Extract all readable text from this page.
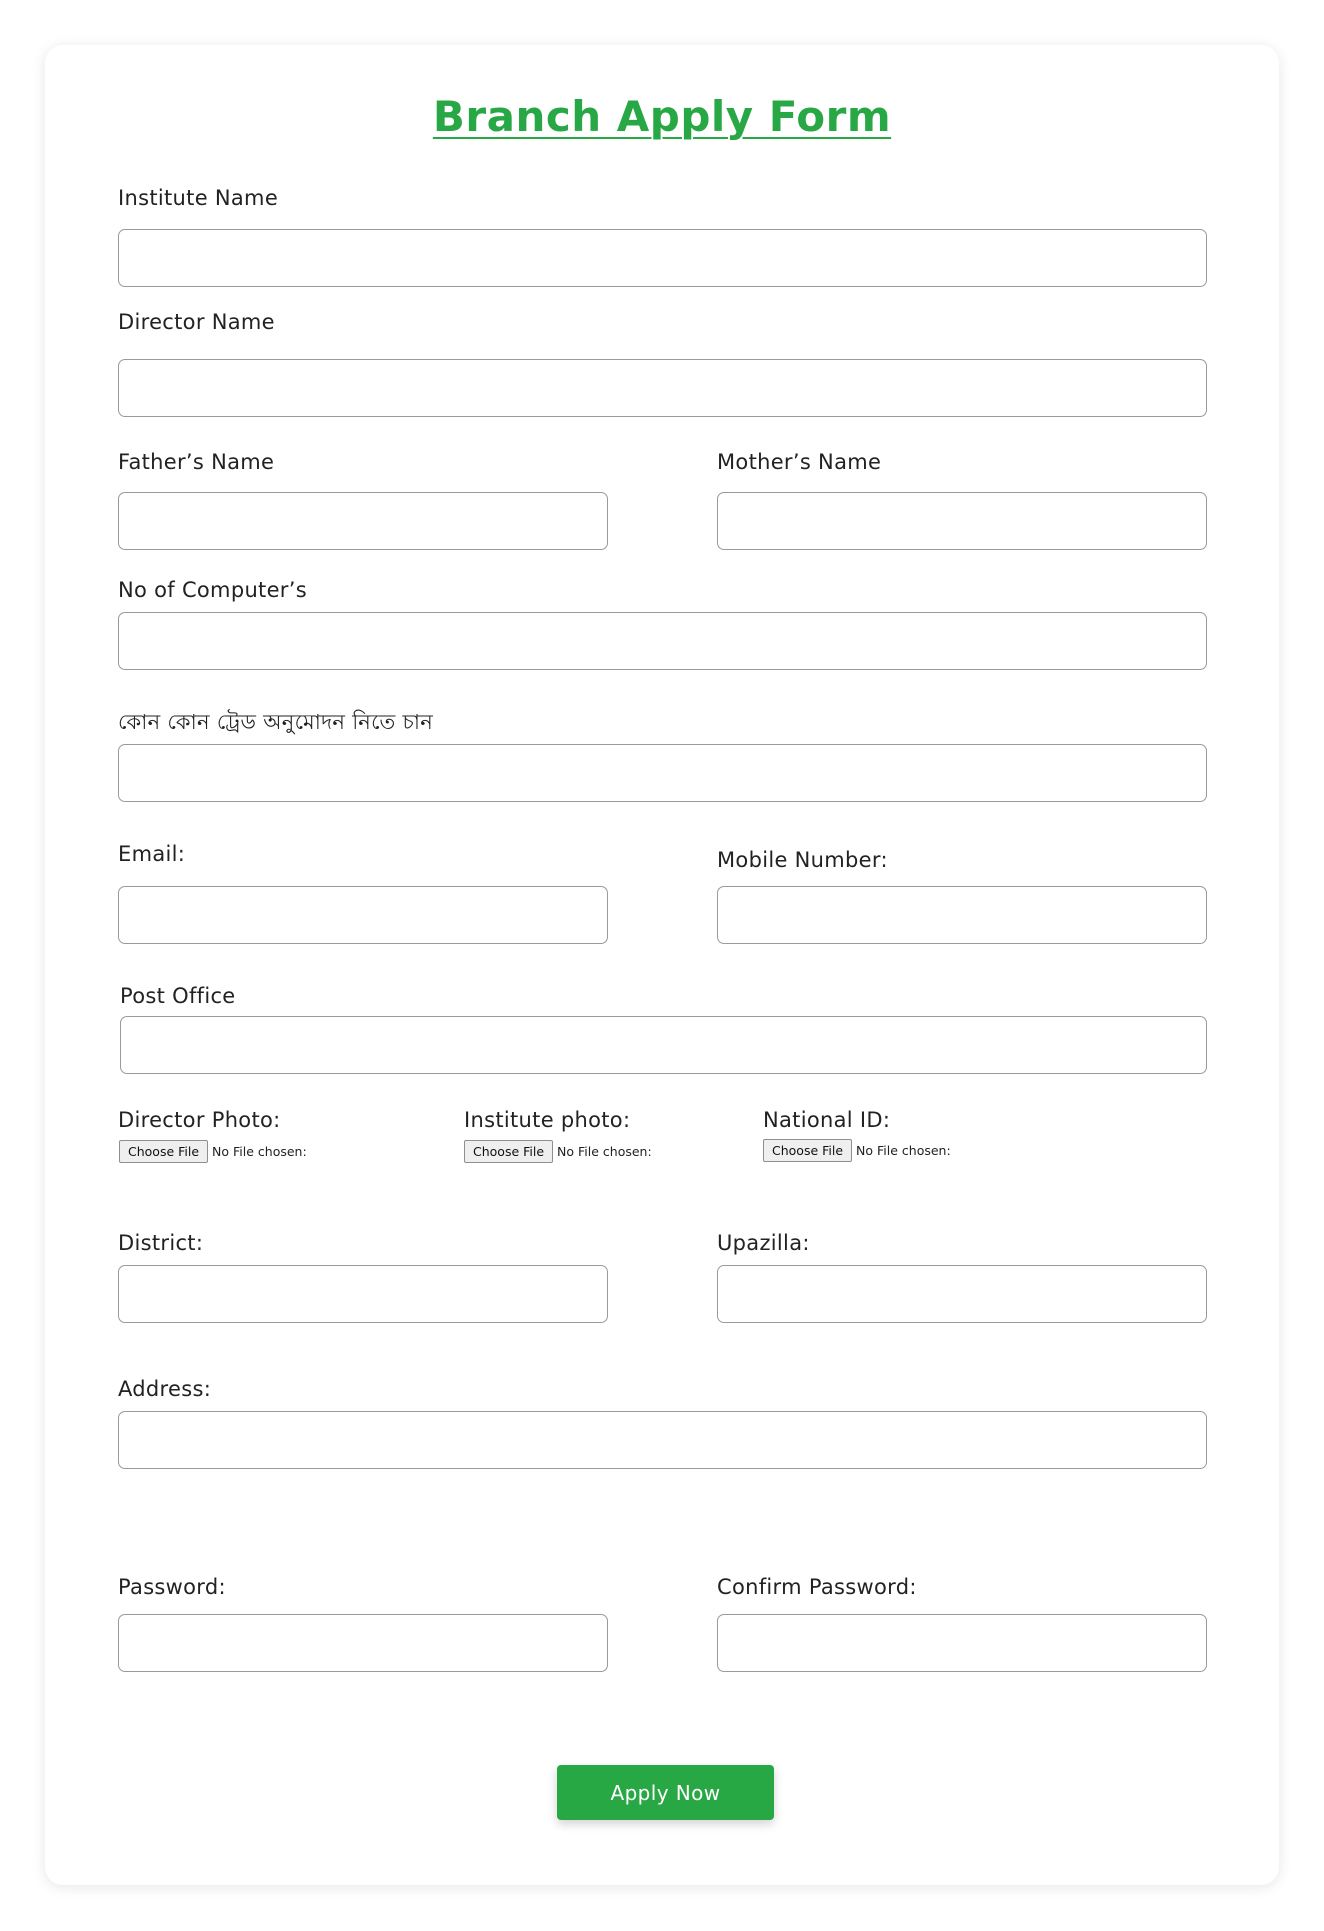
Branch Apply Form
Institute Name
Director Name
Father’s Name	Mother’s Name
No of Computer’s
কোন কোন ট্রেড অনুমোদন নিতে চান
Email:	Mobile Number:
Post Office
Director Photo:
Choose File	No File chosen:
Institute photo:
Choose File	No File chosen:
National ID:
Choose File	No File chosen:
District:	Upazilla:
Address:
Password:	Confirm Password:
Apply Now
